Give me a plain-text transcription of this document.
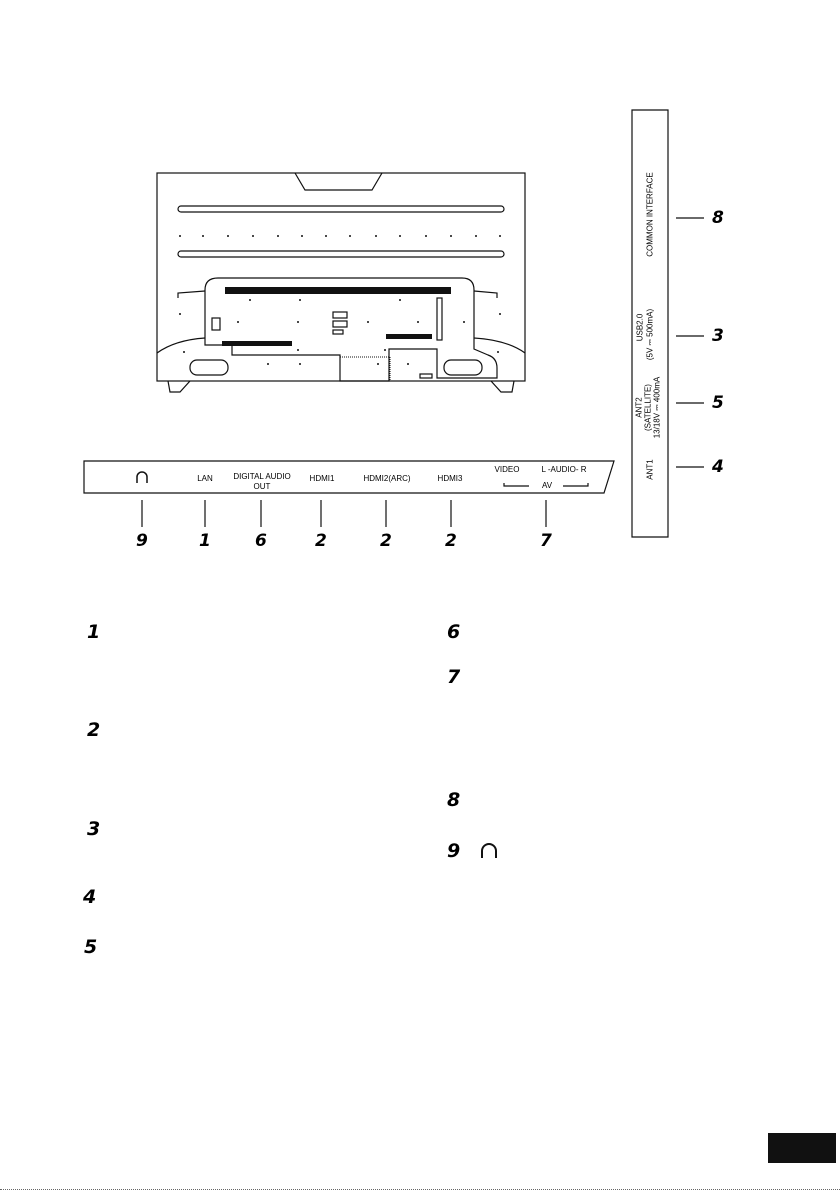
LAN	DIGITAL AUDIO
OUT
HDMI1	HDMI2(ARC)	HDMI3
VIDEO	L -AUDIO- R
AV
9	1	6	2	2	2	7
COMMON INTERFACE
USB2.0 (5V ⎓ 500mA)
ANT2 (SATELLITE) 13/18V ⎓ 400mA
ANT1
8
3
5
4
1
2
3
4
5
6
7
8
9
